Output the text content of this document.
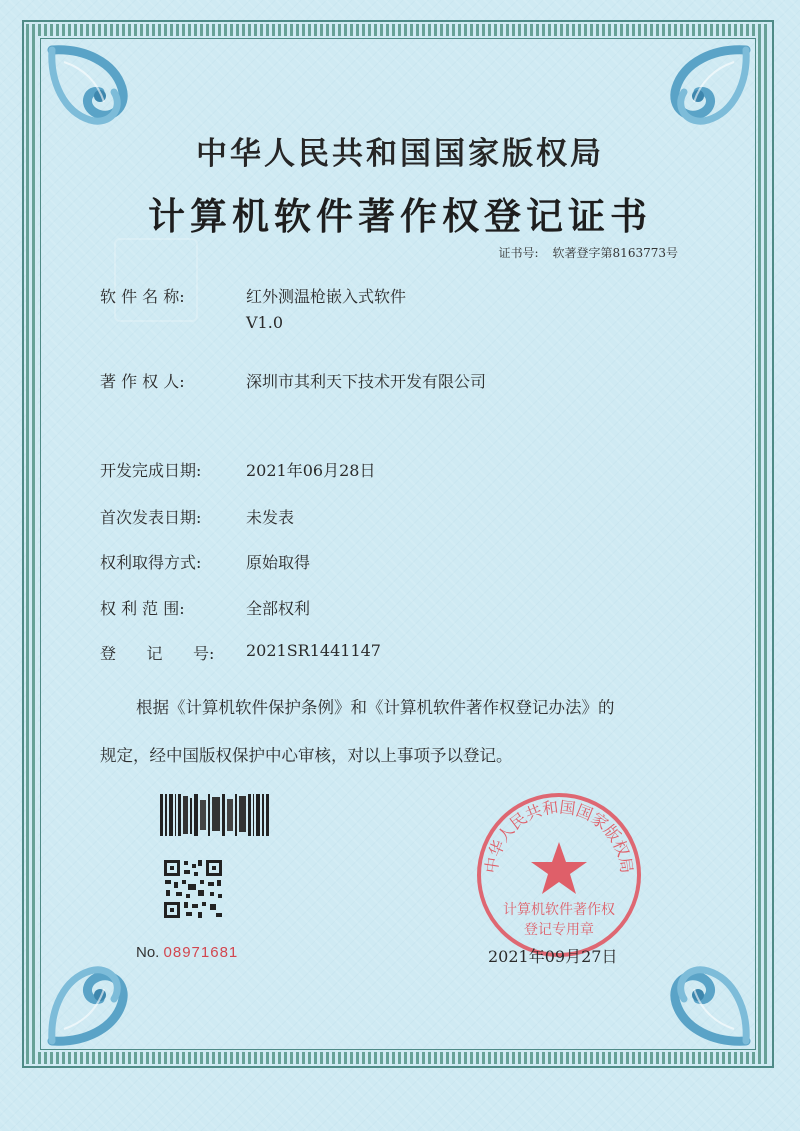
中华人民共和国国家版权局
计算机软件著作权登记证书
证书号: 软著登字第8163773号
软 件 名 称:	红外测温枪嵌入式软件
V1.0
著 作 权 人:	深圳市其利天下技术开发有限公司
开发完成日期:	2021年06月28日
首次发表日期:	未发表
权利取得方式:	原始取得
权 利 范 围:	全部权利
登      记      号:	2021SR1441147
根据《计算机软件保护条例》和《计算机软件著作权登记办法》的
规定，经中国版权保护中心审核，对以上事项予以登记。
No. 08971681
中华人民共和国国家版权局
计算机软件著作权
登记专用章
2021年09月27日
